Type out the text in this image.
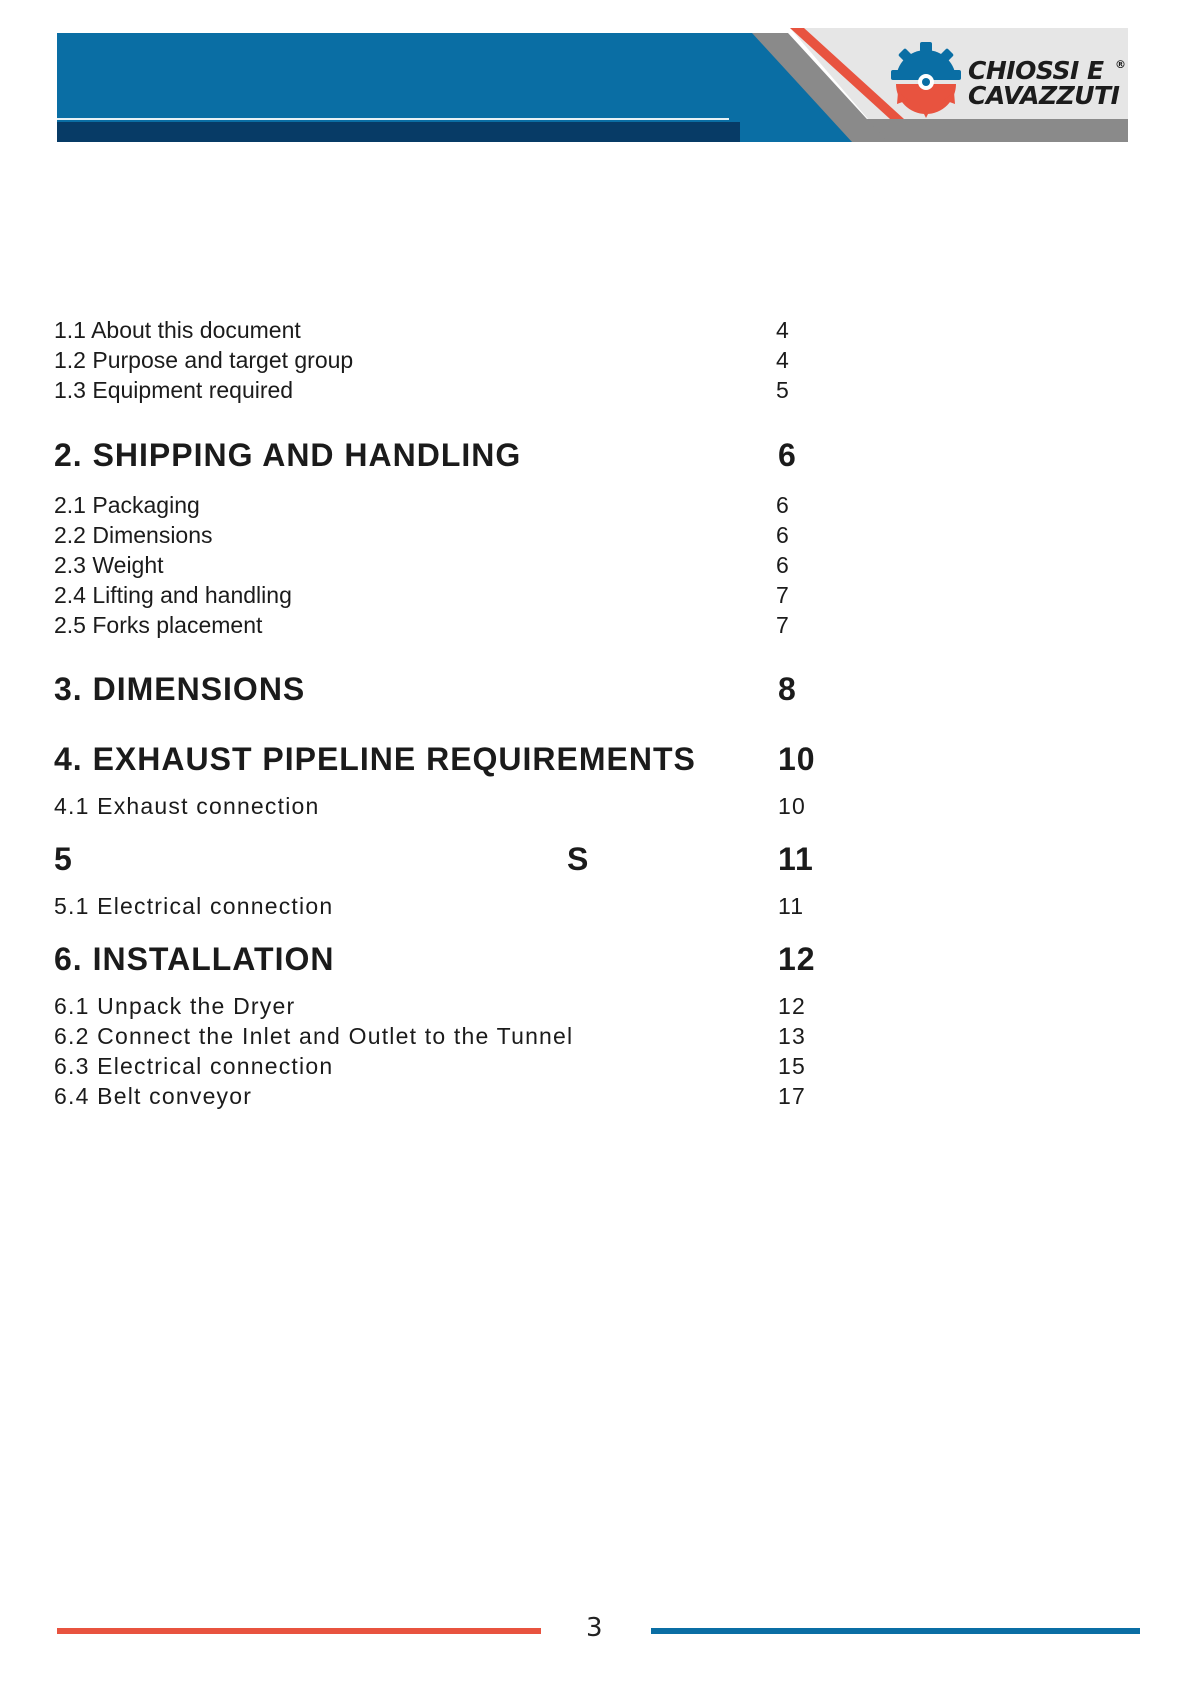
CHIOSSI E
CAVAZZUTI
®
1.1 About this document	4
1.2 Purpose and target group	4
1.3 Equipment required	5
2. SHIPPING AND HANDLING	6
2.1 Packaging	6
2.2 Dimensions	6
2.3 Weight	6
2.4 Lifting and handling	7
2.5 Forks placement	7
3. DIMENSIONS	8
4. EXHAUST PIPELINE REQUIREMENTS	10
4.1 Exhaust connection	10
5	S	11
5.1 Electrical connection	11
6. INSTALLATION	12
6.1 Unpack the Dryer	12
6.2 Connect the Inlet and Outlet to the Tunnel	13
6.3 Electrical connection	15
6.4 Belt conveyor	17
3
